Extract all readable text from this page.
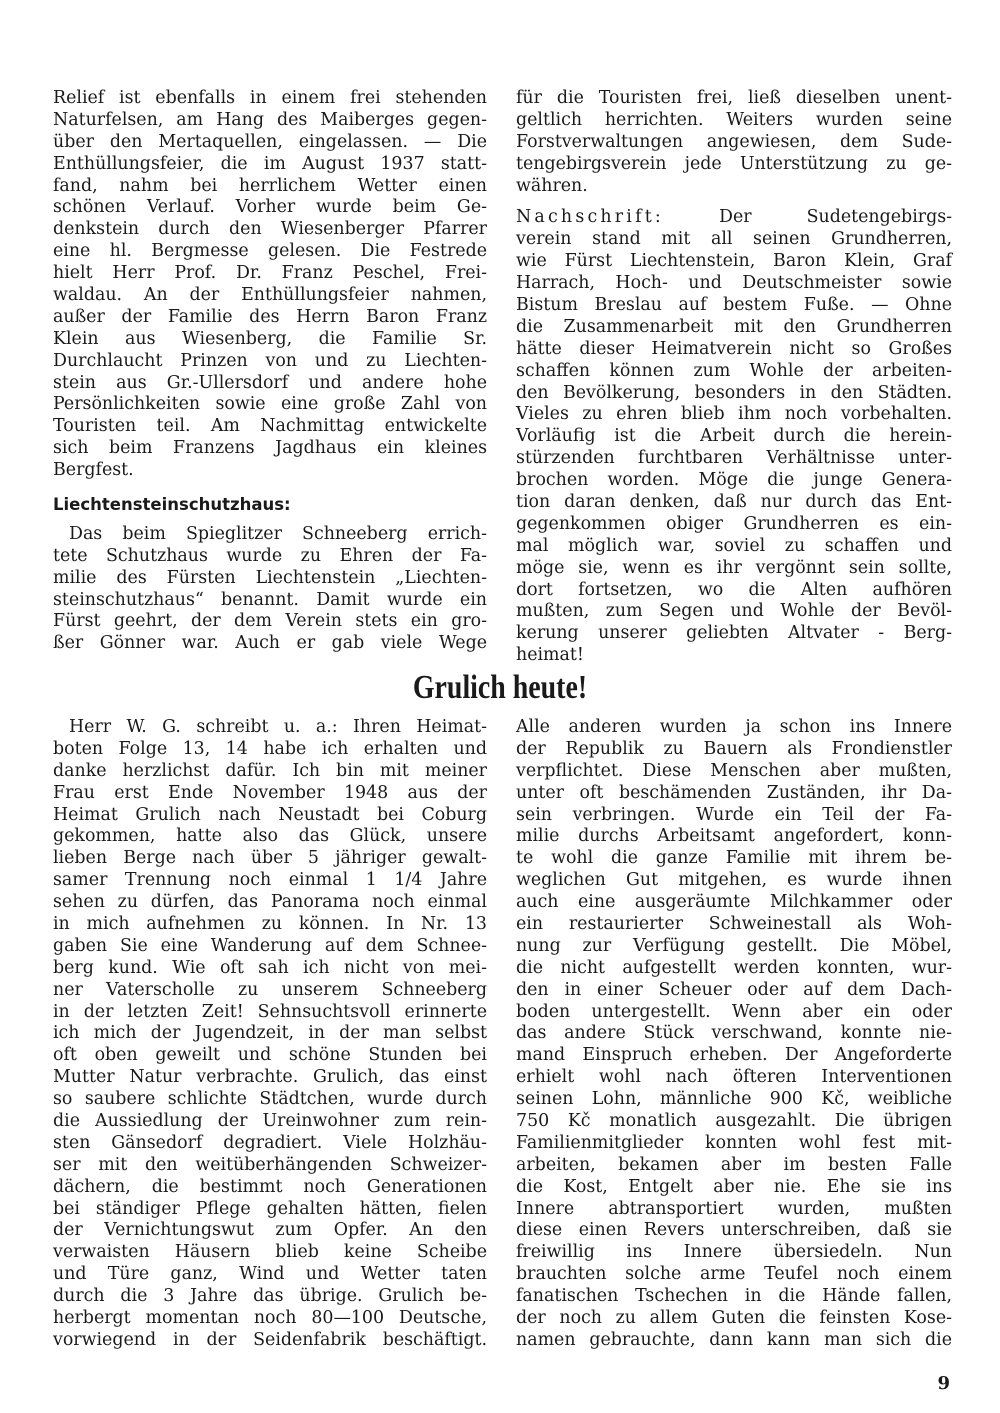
Relief ist ebenfalls in einem frei stehenden
Naturfelsen, am Hang des Maiberges gegen-
über den Mertaquellen, eingelassen. — Die
Enthüllungsfeier, die im August 1937 statt-
fand, nahm bei herrlichem Wetter einen
schönen Verlauf. Vorher wurde beim Ge-
denkstein durch den Wiesenberger Pfarrer
eine hl. Bergmesse gelesen. Die Festrede
hielt Herr Prof. Dr. Franz Peschel, Frei-
waldau. An der Enthüllungsfeier nahmen,
außer der Familie des Herrn Baron Franz
Klein aus Wiesenberg, die Familie Sr.
Durchlaucht Prinzen von und zu Liechten-
stein aus Gr.-Ullersdorf und andere hohe
Persönlichkeiten sowie eine große Zahl von
Touristen teil. Am Nachmittag entwickelte
sich beim Franzens Jagdhaus ein kleines
Bergfest.
Liechtensteinschutzhaus:
Das beim Spieglitzer Schneeberg errich-
tete Schutzhaus wurde zu Ehren der Fa-
milie des Fürsten Liechtenstein „Liechten-
steinschutzhaus“ benannt. Damit wurde ein
Fürst geehrt, der dem Verein stets ein gro-
ßer Gönner war. Auch er gab viele Wege
für die Touristen frei, ließ dieselben unent-
geltlich herrichten. Weiters wurden seine
Forstverwaltungen angewiesen, dem Sude-
tengebirgsverein jede Unterstützung zu ge-
währen.
Nachschrift:	Der Sudetengebirgs-
verein stand mit all seinen Grundherren,
wie Fürst Liechtenstein, Baron Klein, Graf
Harrach, Hoch- und Deutschmeister sowie
Bistum Breslau auf bestem Fuße. — Ohne
die Zusammenarbeit mit den Grundherren
hätte dieser Heimatverein nicht so Großes
schaffen können zum Wohle der arbeiten-
den Bevölkerung, besonders in den Städten.
Vieles zu ehren blieb ihm noch vorbehalten.
Vorläufig ist die Arbeit durch die herein-
stürzenden furchtbaren Verhältnisse unter-
brochen worden. Möge die junge Genera-
tion daran denken, daß nur durch das Ent-
gegenkommen obiger Grundherren es ein-
mal möglich war, soviel zu schaffen und
möge sie, wenn es ihr vergönnt sein sollte,
dort fortsetzen, wo die Alten aufhören
mußten, zum Segen und Wohle der Bevöl-
kerung unserer geliebten Altvater - Berg-
heimat!
Grulich heute!
Herr W. G. schreibt u. a.: Ihren Heimat-
boten Folge 13, 14 habe ich erhalten und
danke herzlichst dafür. Ich bin mit meiner
Frau erst Ende November 1948 aus der
Heimat Grulich nach Neustadt bei Coburg
gekommen, hatte also das Glück, unsere
lieben Berge nach über 5 jähriger gewalt-
samer Trennung noch einmal 1 1/4 Jahre
sehen zu dürfen, das Panorama noch einmal
in mich aufnehmen zu können. In Nr. 13
gaben Sie eine Wanderung auf dem Schnee-
berg kund. Wie oft sah ich nicht von mei-
ner Vaterscholle zu unserem Schneeberg
in der letzten Zeit! Sehnsuchtsvoll erinnerte
ich mich der Jugendzeit, in der man selbst
oft oben geweilt und schöne Stunden bei
Mutter Natur verbrachte. Grulich, das einst
so saubere schlichte Städtchen, wurde durch
die Aussiedlung der Ureinwohner zum rein-
sten Gänsedorf degradiert. Viele Holzhäu-
ser mit den weitüberhängenden Schweizer-
dächern, die bestimmt noch Generationen
bei ständiger Pflege gehalten hätten, fielen
der Vernichtungswut zum Opfer. An den
verwaisten Häusern blieb keine Scheibe
und Türe ganz, Wind und Wetter taten
durch die 3 Jahre das übrige. Grulich be-
herbergt momentan noch 80—100 Deutsche,
vorwiegend in der Seidenfabrik beschäftigt.
Alle anderen wurden ja schon ins Innere
der Republik zu Bauern als Frondienstler
verpflichtet. Diese Menschen aber mußten,
unter oft beschämenden Zuständen, ihr Da-
sein verbringen. Wurde ein Teil der Fa-
milie durchs Arbeitsamt angefordert, konn-
te wohl die ganze Familie mit ihrem be-
weglichen Gut mitgehen, es wurde ihnen
auch eine ausgeräumte Milchkammer oder
ein restaurierter Schweinestall als Woh-
nung zur Verfügung gestellt. Die Möbel,
die nicht aufgestellt werden konnten, wur-
den in einer Scheuer oder auf dem Dach-
boden untergestellt. Wenn aber ein oder
das andere Stück verschwand, konnte nie-
mand Einspruch erheben. Der Angeforderte
erhielt wohl nach öfteren Interventionen
seinen Lohn, männliche 900 Kč, weibliche
750 Kč monatlich ausgezahlt. Die übrigen
Familienmitglieder konnten wohl fest mit-
arbeiten, bekamen aber im besten Falle
die Kost, Entgelt aber nie. Ehe sie ins
Innere abtransportiert wurden, mußten
diese einen Revers unterschreiben, daß sie
freiwillig ins Innere übersiedeln. Nun
brauchten solche arme Teufel noch einem
fanatischen Tschechen in die Hände fallen,
der noch zu allem Guten die feinsten Kose-
namen gebrauchte, dann kann man sich die
9
